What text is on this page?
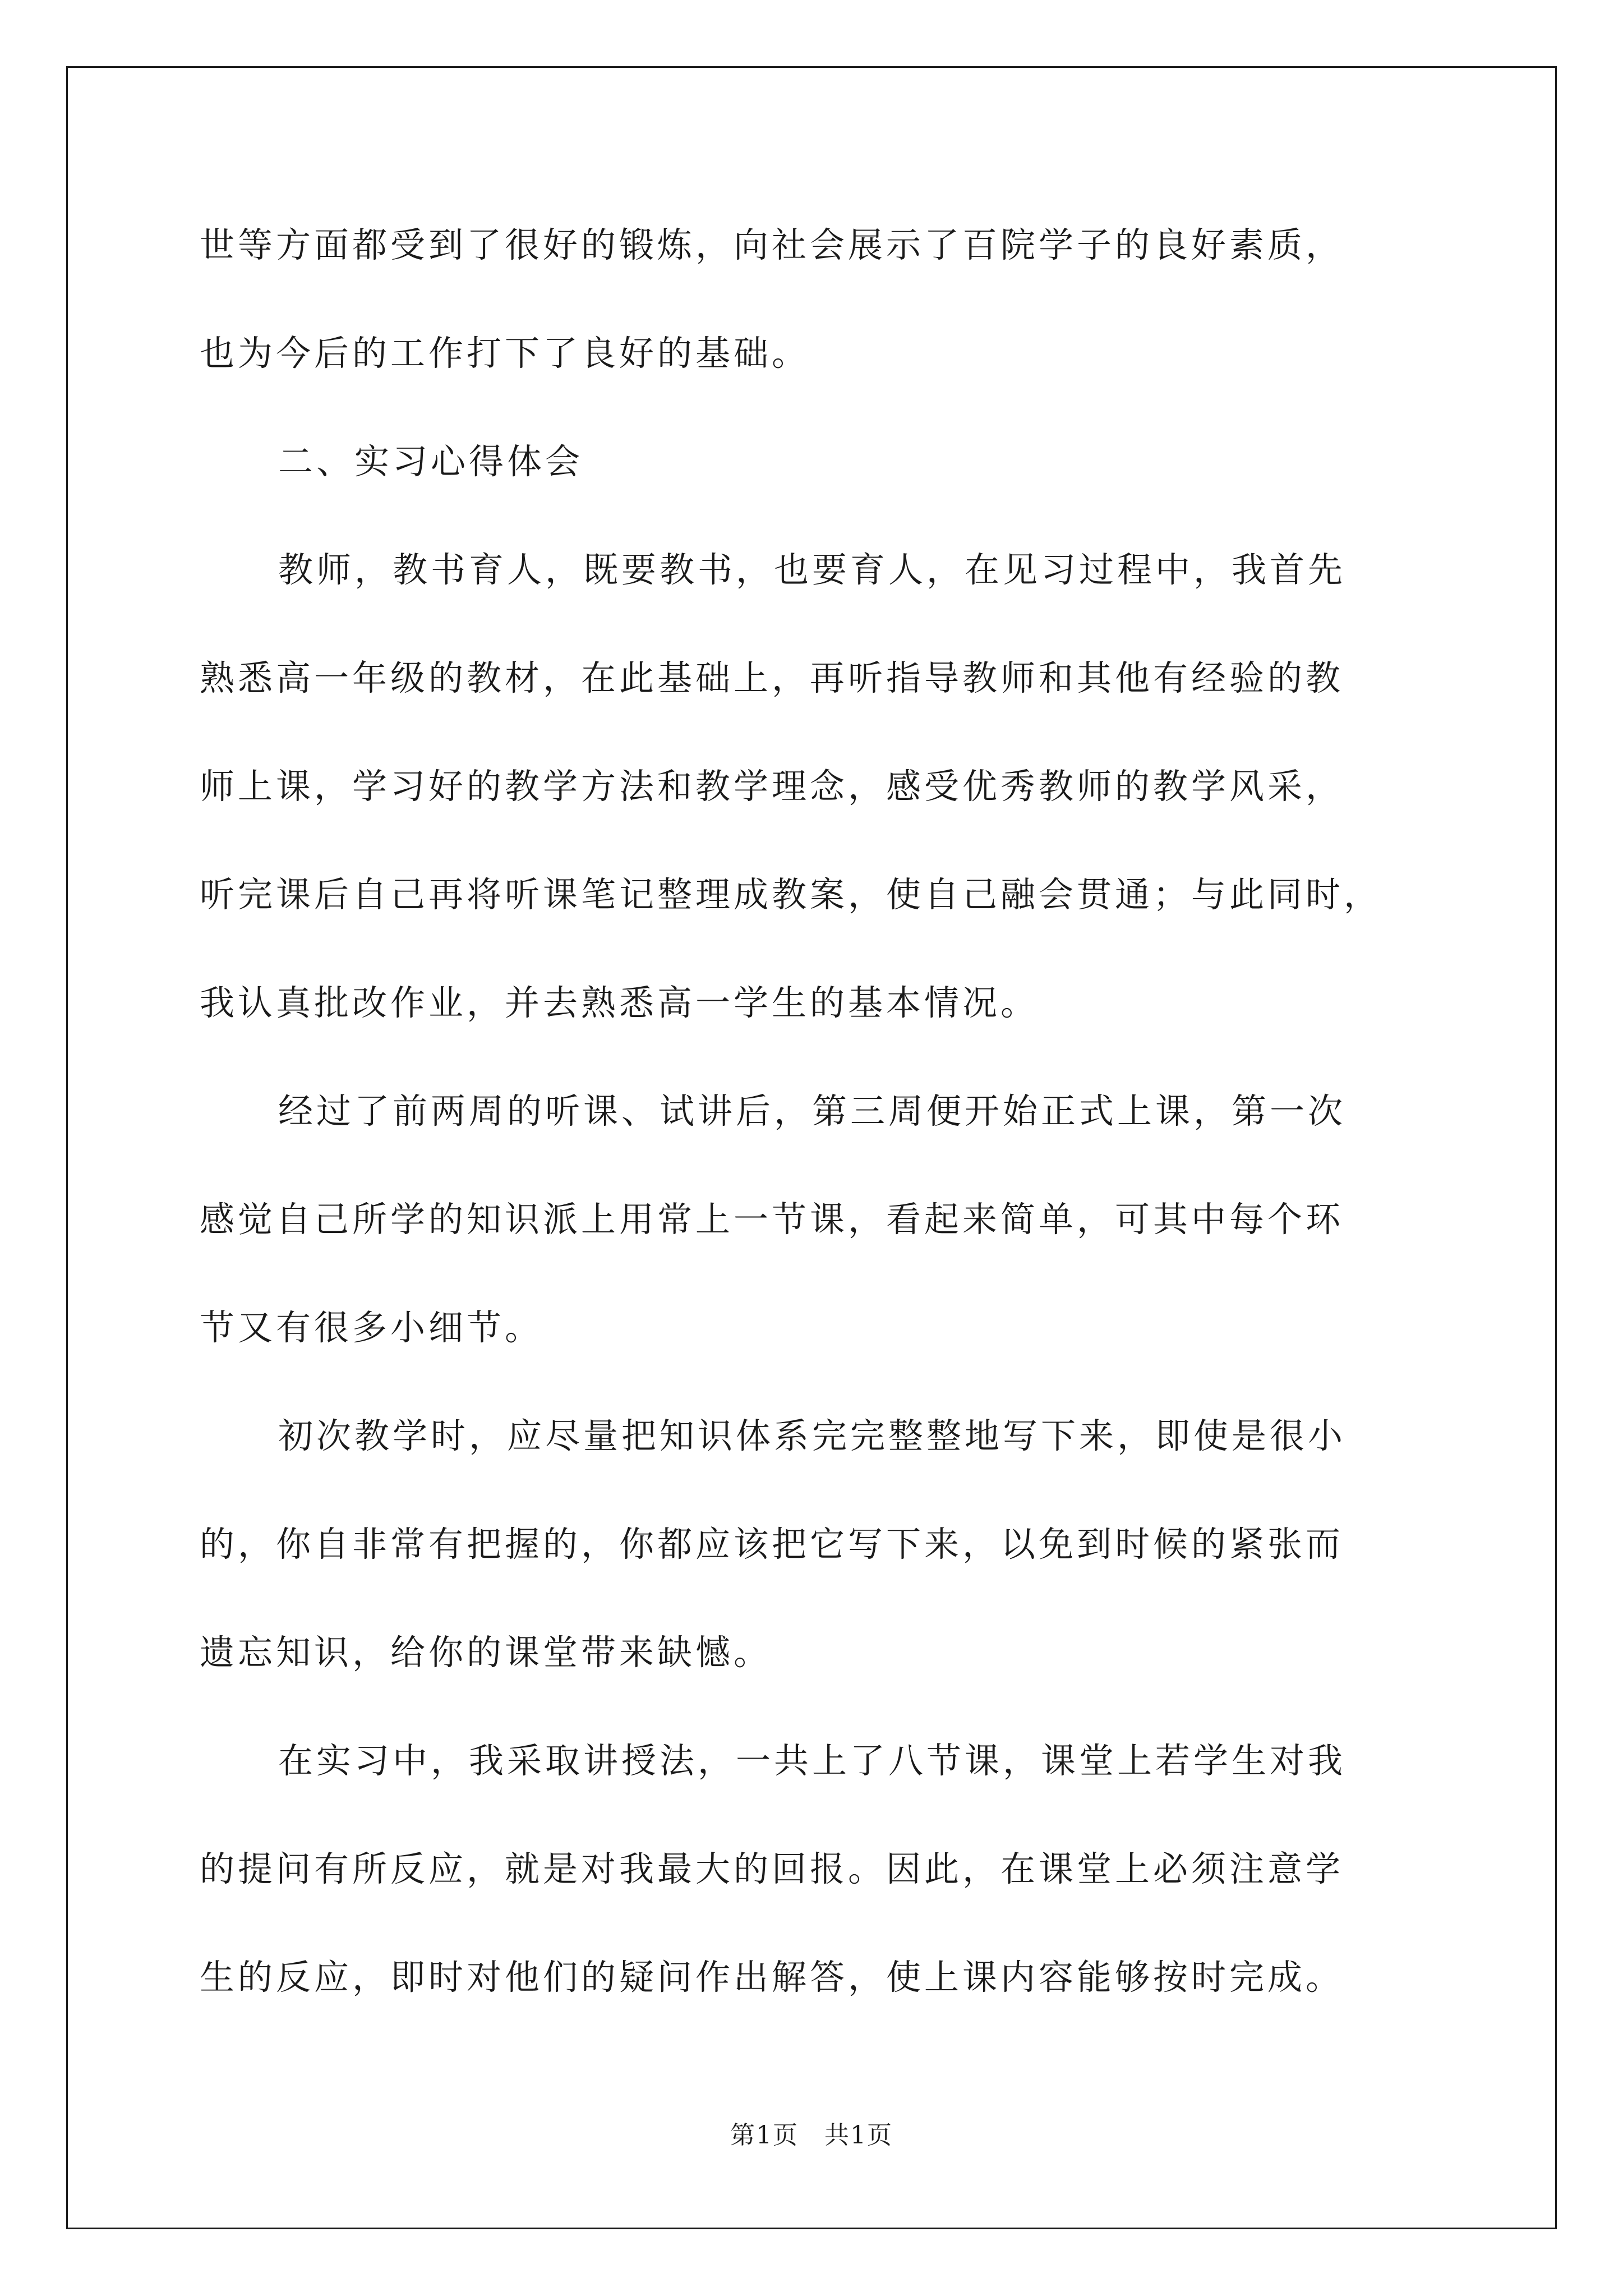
世等方面都受到了很好的锻炼，向社会展示了百院学子的良好素质，

也为今后的工作打下了良好的基础。

二、实习心得体会

教师，教书育人，既要教书，也要育人，在见习过程中，我首先

熟悉高一年级的教材，在此基础上，再听指导教师和其他有经验的教

师上课，学习好的教学方法和教学理念，感受优秀教师的教学风采，

听完课后自己再将听课笔记整理成教案，使自己融会贯通；与此同时，

我认真批改作业，并去熟悉高一学生的基本情况。

经过了前两周的听课、试讲后，第三周便开始正式上课，第一次

感觉自己所学的知识派上用常上一节课，看起来简单，可其中每个环

节又有很多小细节。

初次教学时，应尽量把知识体系完完整整地写下来，即使是很小

的，你自非常有把握的，你都应该把它写下来，以免到时候的紧张而

遗忘知识，给你的课堂带来缺憾。

在实习中，我采取讲授法，一共上了八节课，课堂上若学生对我

的提问有所反应，就是对我最大的回报。因此，在课堂上必须注意学

生的反应，即时对他们的疑问作出解答，使上课内容能够按时完成。

第1页 共1页
